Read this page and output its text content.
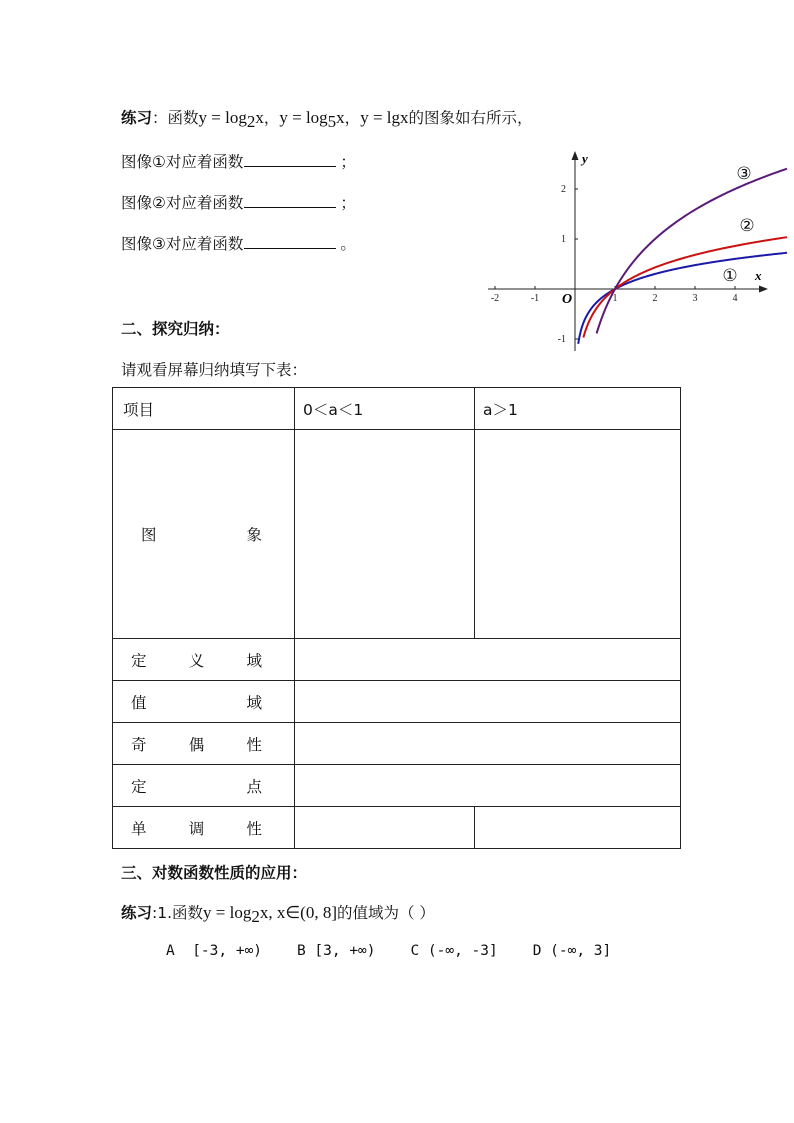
练习：函数$y = \log_2x$，$y = \log_5x$，y = lgx的图象如右所示，
图像①对应着函数	；
图像②对应着函数	；
图像③对应着函数	。
-2	-1	1	2	3	4
2
1
-1
y
x
O
①
②
③
二、探究归纳：
请观看屏幕归纳填写下表：
项目	0＜a＜1	a＞1

图 象		

定 义 域		

值 域		

奇 偶 性		

定 点		

单 调 性		

三、对数函数性质的应用：
练习:1.函数$y = \log_2x$, x∈(0, 8]的值域为（ ）
A  [-3, +∞) B [3, +∞) C (-∞, -3] D (-∞, 3]
